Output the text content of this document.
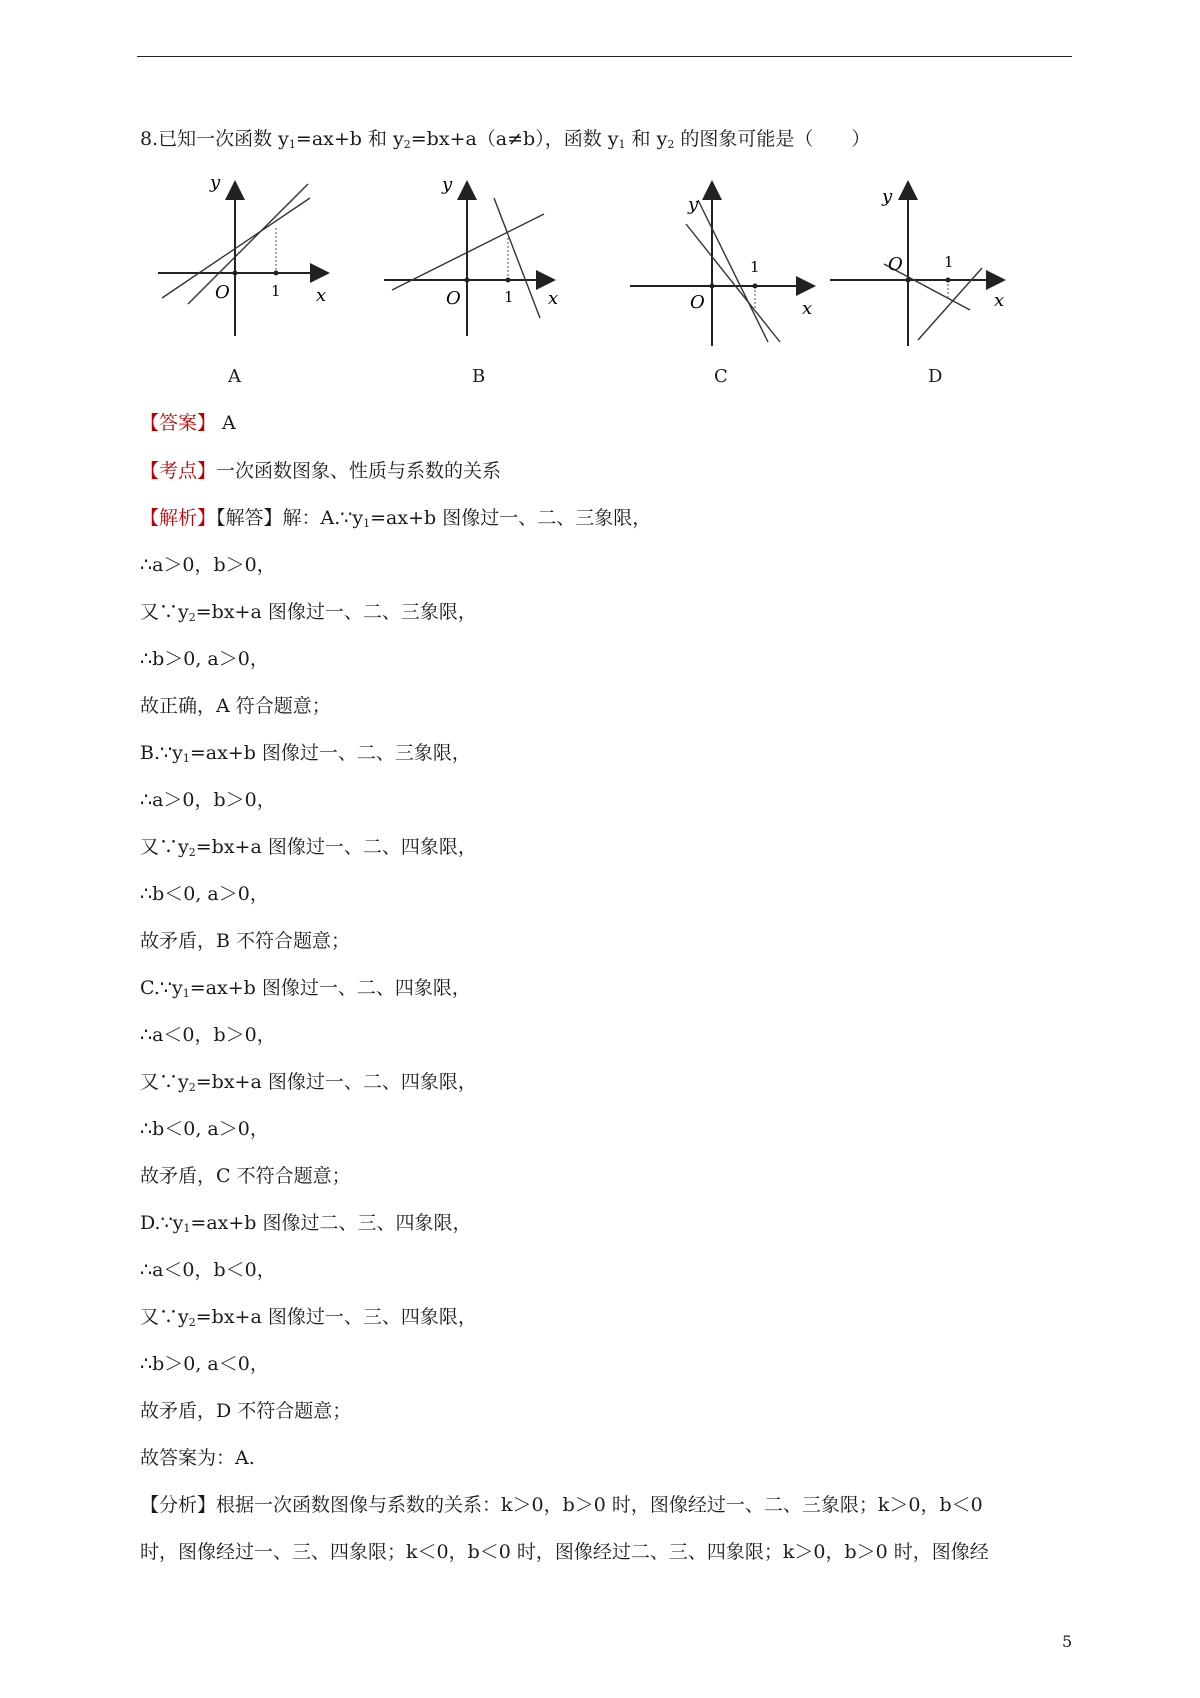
8.已知一次函数 $y_1=ax+b$ 和 $y_2=bx+a(a\ne b)$，函数 $y_1$ 和 $y_2$ 的图象可能是（　　）
y
O	1 x
y
O	1 x
y
O
1
x
y
O	1
x
A	B	C	D
【答案】 A
【考点】一次函数图象、性质与系数的关系
【解析】【解答】解：$A.\because y_1=ax+b$ 图像过一、二、三象限，
∴a＞0，b＞0，
又$\because y_2=bx+a$ 图像过一、二、三象限，
∴b＞0, a＞0，
故正确，A 符合题意；
$B.\because y_1=ax+b$ 图像过一、二、三象限，
∴a＞0，b＞0，
又$\because y_2=bx+a$ 图像过一、二、四象限，
∴b＜0, a＞0，
故矛盾，B 不符合题意；
$C.\because y_1=ax+b$ 图像过一、二、四象限，
∴a＜0，b＞0，
又$\because y_2=bx+a$ 图像过一、二、四象限，
∴b＜0, a＞0，
故矛盾，C 不符合题意；
$D.\because y_1=ax+b$ 图像过二、三、四象限，
∴a＜0，b＜0，
又$\because y_2=bx+a$ 图像过一、三、四象限，
∴b＞0, a＜0，
故矛盾，D 不符合题意；
故答案为：A.
【分析】根据一次函数图像与系数的关系：k＞0，b＞0 时，图像经过一、二、三象限；k＞0，b＜0
时，图像经过一、三、四象限；k＜0，b＜0 时，图像经过二、三、四象限；k＞0，b＞0 时，图像经
5
